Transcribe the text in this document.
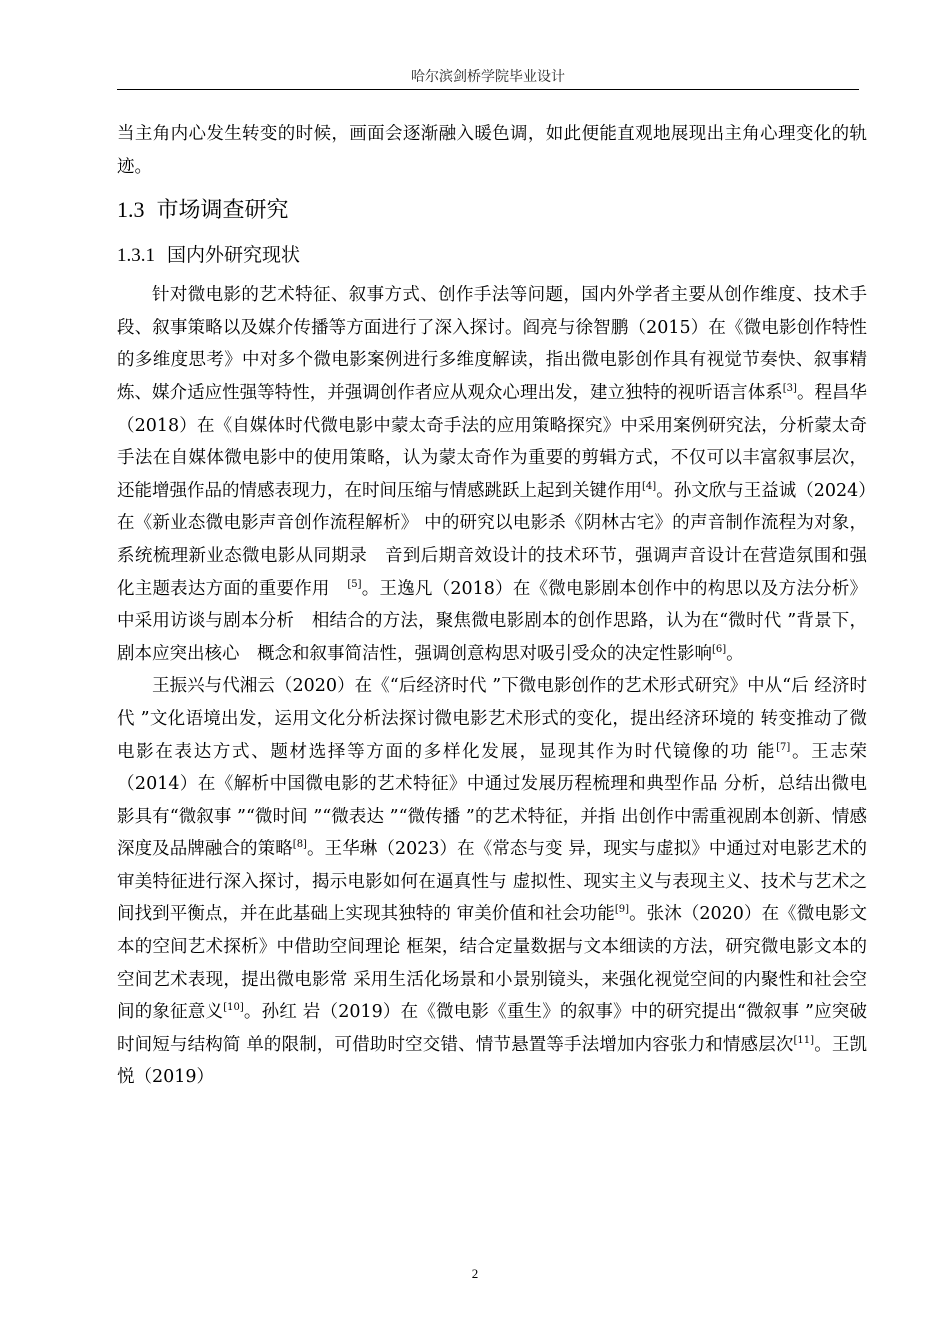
哈尔滨剑桥学院毕业设计

当主角内心发生转变的时候，画面会逐渐融入暖色调，如此便能直观地展现出主角心理变化的轨迹。

1.3 市场调查研究
1.3.1 国内外研究现状

针对微电影的艺术特征、叙事方式、创作手法等问题，国内外学者主要从创作维度、技术手段、叙事策略以及媒介传播等方面进行了深入探讨。阎亮与徐智鹏（2015）在《微电影创作特性的多维度思考》中对多个微电影案例进行多维度解读，指出微电影创作具有视觉节奏快、叙事精炼、媒介适应性强等特性，并强调创作者应从观众心理出发，建立独特的视听语言体系[3]。程昌华（2018）在《自媒体时代微电影中蒙太奇手法的应用策略探究》中采用案例研究法，分析蒙太奇手法在自媒体微电影中的使用策略，认为蒙太奇作为重要的剪辑方式，不仅可以丰富叙事层次，还能增强作品的情感表现力，在时间压缩与情感跳跃上起到关键作用[4]。孙文欣与王益诚（2024）在《新业态微电影声音创作流程解析》 中的研究以电影杀《阴林古宅》的声音制作流程为对象，系统梳理新业态微电影从同期录　音到后期音效设计的技术环节，强调声音设计在营造氛围和强化主题表达方面的重要作用　[5]。王逸凡（2018）在《微电影剧本创作中的构思以及方法分析》中采用访谈与剧本分析　相结合的方法，聚焦微电影剧本的创作思路，认为在“微时代 ”背景下，剧本应突出核心　概念和叙事简洁性，强调创意构思对吸引受众的决定性影响[6]。

王振兴与代湘云（2020）在《“后经济时代 ”下微电影创作的艺术形式研究》中从“后 经济时代 ”文化语境出发，运用文化分析法探讨微电影艺术形式的变化，提出经济环境的 转变推动了微电影在表达方式、题材选择等方面的多样化发展，显现其作为时代镜像的功 能[7]。王志荣（2014）在《解析中国微电影的艺术特征》中通过发展历程梳理和典型作品 分析，总结出微电影具有“微叙事 ”“微时间 ”“微表达 ”“微传播 ”的艺术特征，并指 出创作中需重视剧本创新、情感深度及品牌融合的策略[8]。王华琳（2023）在《常态与变 异，现实与虚拟》中通过对电影艺术的审美特征进行深入探讨，揭示电影如何在逼真性与 虚拟性、现实主义与表现主义、技术与艺术之间找到平衡点，并在此基础上实现其独特的 审美价值和社会功能[9]。张沐（2020）在《微电影文本的空间艺术探析》中借助空间理论 框架，结合定量数据与文本细读的方法，研究微电影文本的空间艺术表现，提出微电影常 采用生活化场景和小景别镜头，来强化视觉空间的内聚性和社会空间的象征意义[10]。孙红 岩（2019）在《微电影《重生》的叙事》中的研究提出“微叙事 ”应突破时间短与结构简 单的限制，可借助时空交错、情节悬置等手法增加内容张力和情感层次[11]。王凯悦（2019）

2
